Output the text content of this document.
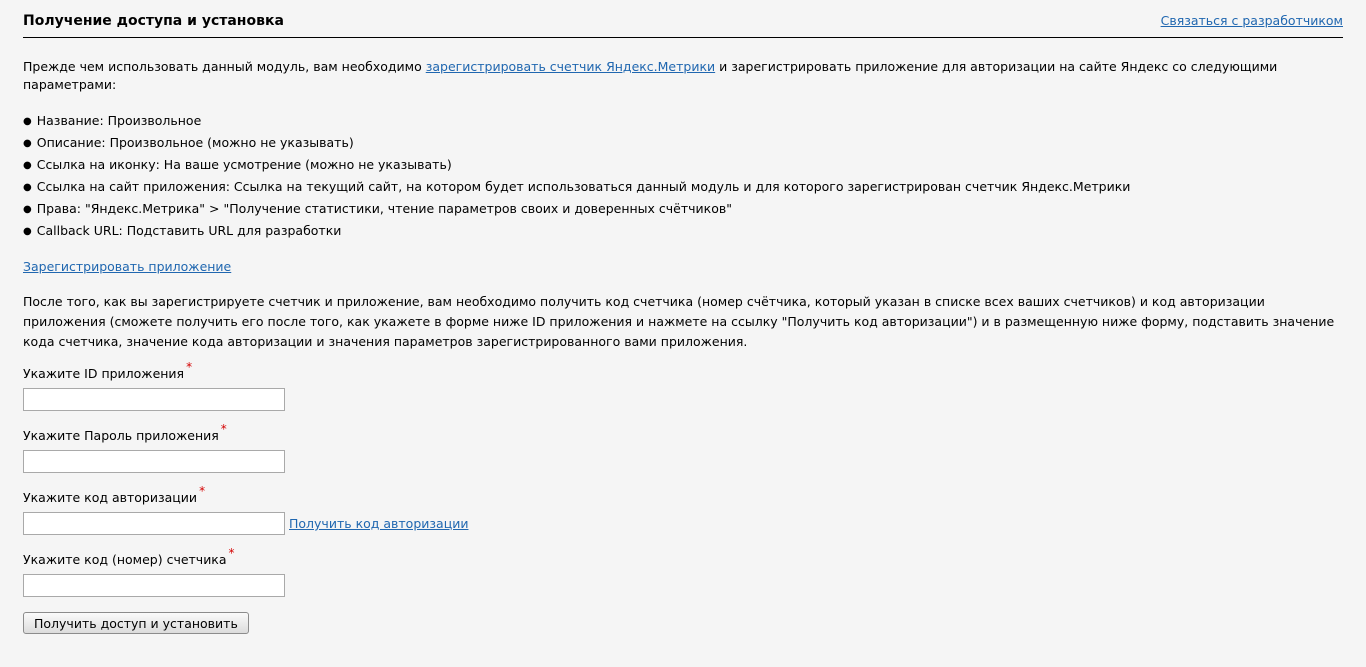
Получение доступа и установка	Связаться с разработчиком

Прежде чем использовать данный модуль, вам необходимо зарегистрировать счетчик Яндекс.Метрики и зарегистрировать приложение для авторизации на сайте Яндекс со следующими параметрами:

● Название: Произвольное
● Описание: Произвольное (можно не указывать)
● Ссылка на иконку: На ваше усмотрение (можно не указывать)
● Ссылка на сайт приложения: Ссылка на текущий сайт, на котором будет использоваться данный модуль и для которого зарегистрирован счетчик Яндекс.Метрики
● Права: "Яндекс.Метрика" > "Получение статистики, чтение параметров своих и доверенных счётчиков"
● Callback URL: Подставить URL для разработки
Зарегистрировать приложение
После того, как вы зарегистрируете счетчик и приложение, вам необходимо получить код счетчика (номер счётчика, который указан в списке всех ваших счетчиков) и код авторизации приложения (сможете получить его после того, как укажете в форме ниже ID приложения и нажмете на ссылку "Получить код авторизации") и в размещенную ниже форму, подставить значение кода счетчика, значение кода авторизации и значения параметров зарегистрированного вами приложения.
Укажите ID приложения *
Укажите Пароль приложения *
Укажите код авторизации *
Получить код авторизации
Укажите код (номер) счетчика *
Получить доступ и установить
